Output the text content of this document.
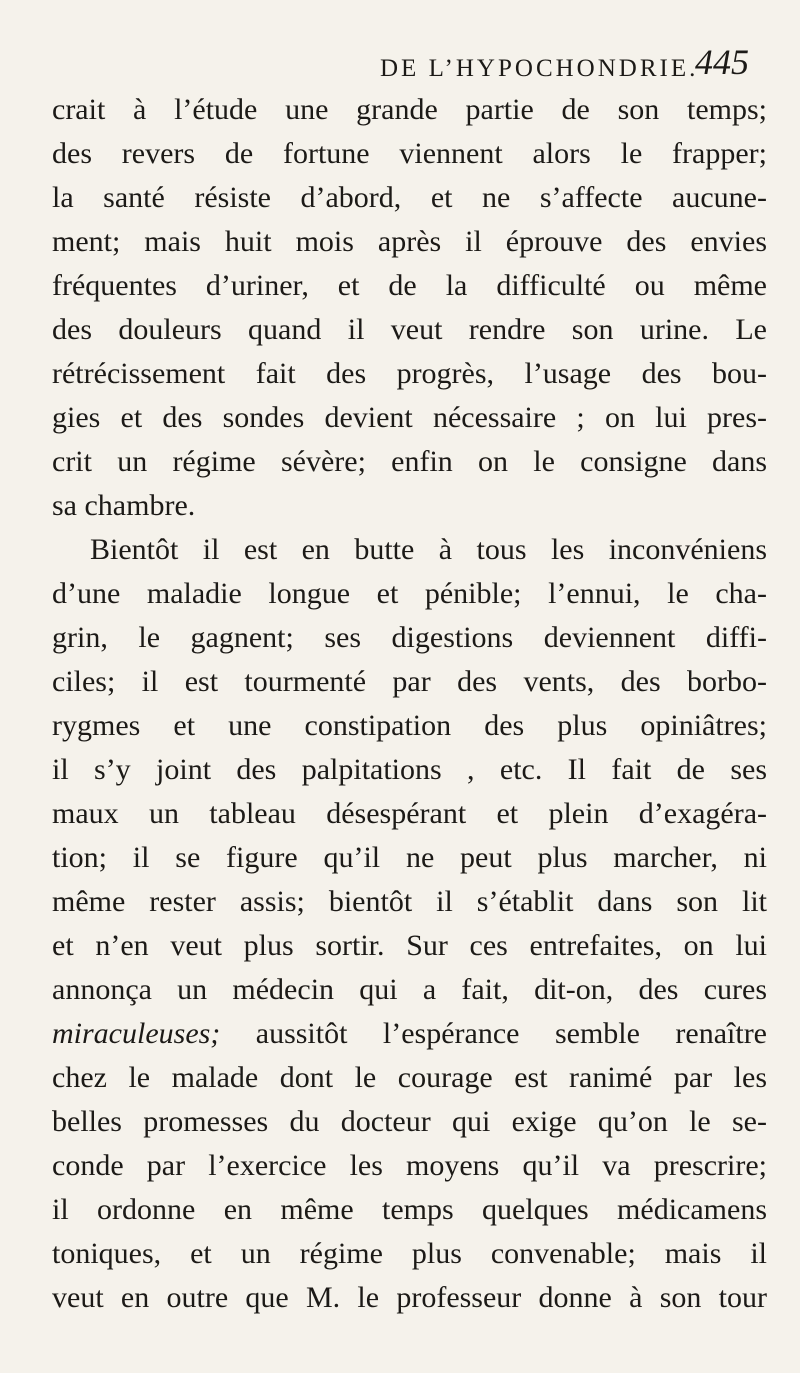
DE L’HYPOCHONDRIE.
445
crait à l’étude une grande partie de son temps;
des revers de fortune viennent alors le frapper;
la santé résiste d’abord, et ne s’affecte aucune-
ment; mais huit mois après il éprouve des envies
fréquentes d’uriner, et de la difficulté ou même
des douleurs quand il veut rendre son urine. Le
rétrécissement fait des progrès, l’usage des bou-
gies et des sondes devient nécessaire ; on lui pres-
crit un régime sévère; enfin on le consigne dans
sa chambre.
Bientôt il est en butte à tous les inconvéniens
d’une maladie longue et pénible; l’ennui, le cha-
grin, le gagnent; ses digestions deviennent diffi-
ciles; il est tourmenté par des vents, des borbo-
rygmes et une constipation des plus opiniâtres;
il s’y joint des palpitations , etc. Il fait de ses
maux un tableau désespérant et plein d’exagéra-
tion; il se figure qu’il ne peut plus marcher, ni
même rester assis; bientôt il s’établit dans son lit
et n’en veut plus sortir. Sur ces entrefaites, on lui
annonça un médecin qui a fait, dit-on, des cures
miraculeuses; aussitôt l’espérance semble renaître
chez le malade dont le courage est ranimé par les
belles promesses du docteur qui exige qu’on le se-
conde par l’exercice les moyens qu’il va prescrire;
il ordonne en même temps quelques médicamens
toniques, et un régime plus convenable; mais il
veut en outre que M. le professeur donne à son tour
